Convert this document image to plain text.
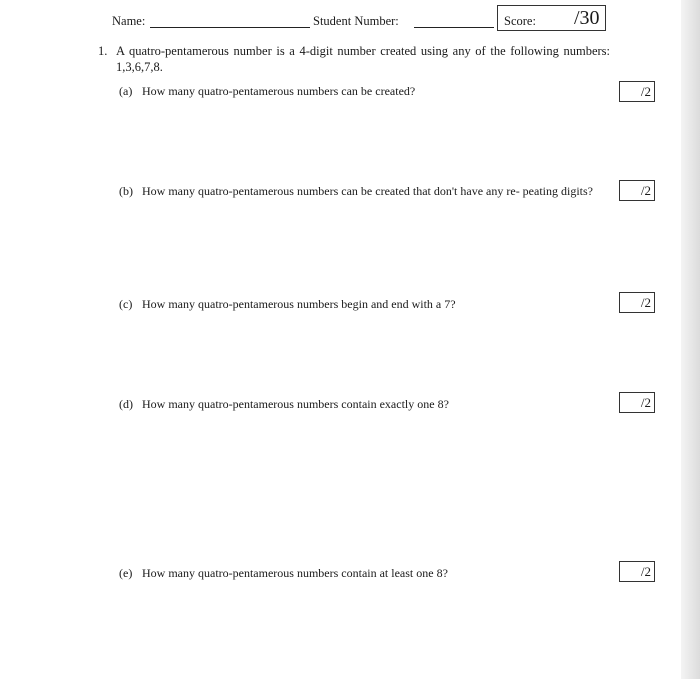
Name:	Student Number:	Score: /30
1. A quatro-pentamerous number is a 4-digit number created using any of the following numbers: 1,3,6,7,8.
(a) How many quatro-pentamerous numbers can be created?	/2
(b) How many quatro-pentamerous numbers can be created that don't have any re- peating digits?	/2
(c) How many quatro-pentamerous numbers begin and end with a 7?	/2
(d) How many quatro-pentamerous numbers contain exactly one 8?	/2
(e) How many quatro-pentamerous numbers contain at least one 8?	/2
